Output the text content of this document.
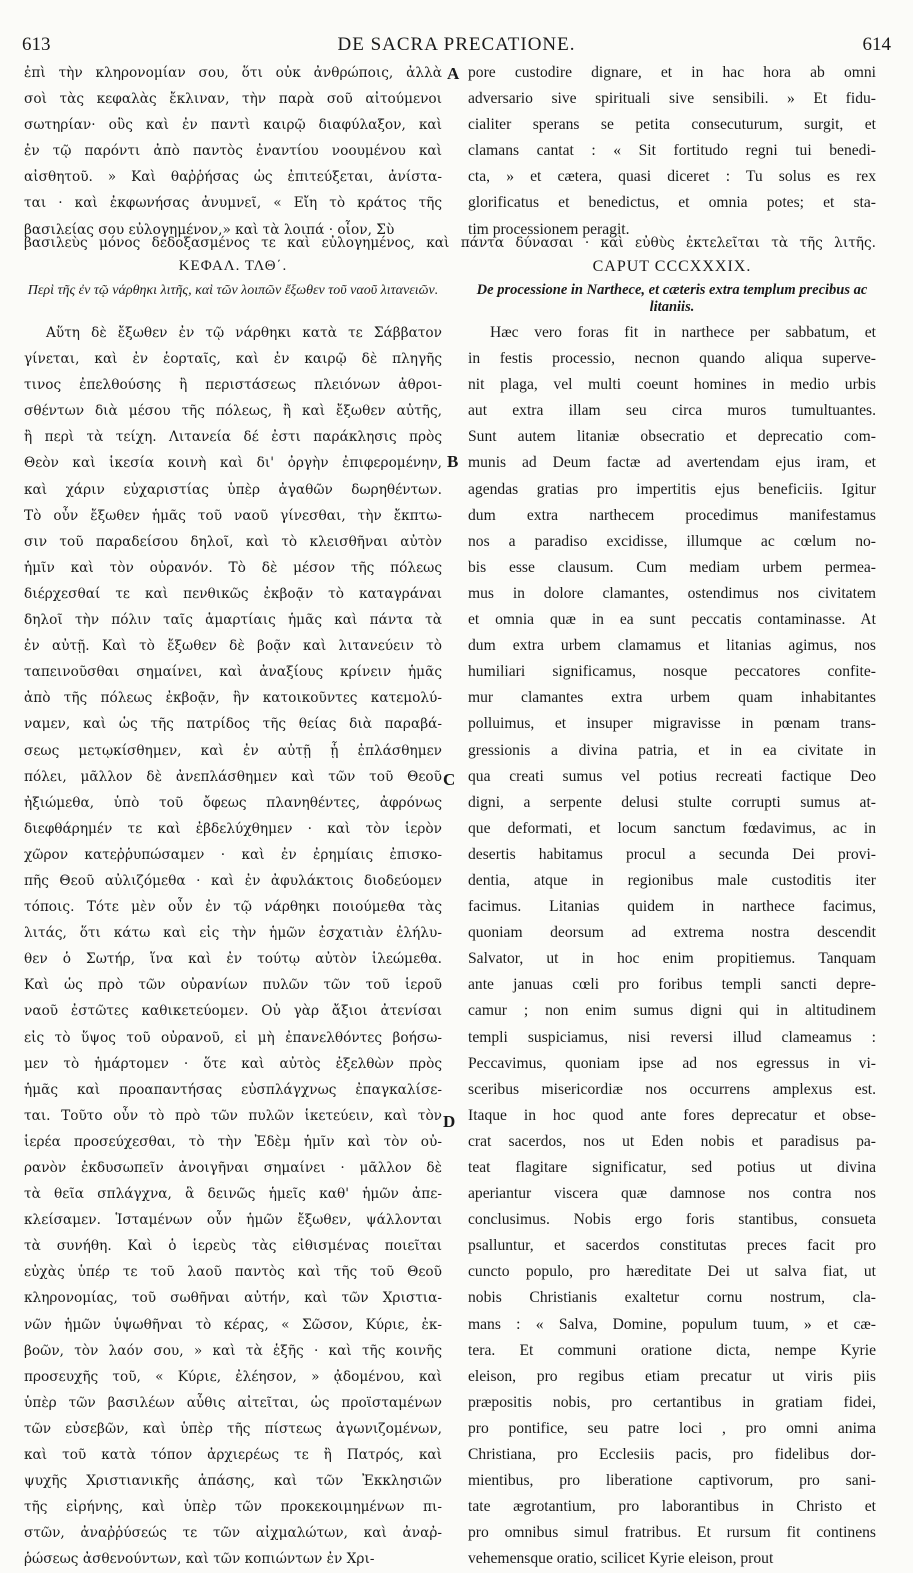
613	DE SACRA PRECATIONE.	614
ἐπὶ τὴν κληρονομίαν σου, ὅτι οὐκ ἀνθρώποις, ἀλλὰ
σοὶ τὰς κεφαλὰς ἔκλιναν, τὴν παρὰ σοῦ αἰτούμενοι
σωτηρίαν· οὓς καὶ ἐν παντὶ καιρῷ διαφύλαξον, καὶ
ἐν τῷ παρόντι ἀπὸ παντὸς ἐναντίου νοουμένου καὶ
αἰσθητοῦ. » Καὶ θαῤῥήσας ὡς ἐπιτεύξεται, ἀνίστα-
ται · καὶ ἐκφωνήσας ἀνυμνεῖ, « Εἴη τὸ κράτος τῆς
βασιλείας σου εὐλογημένον,» καὶ τὰ λοιπά · οἷον, Σὺ
pore custodire dignare, et in hac hora ab omni
adversario sive spirituali sive sensibili. » Et fidu-
cialiter sperans se petita consecuturum, surgit, et
clamans cantat : « Sit fortitudo regni tui benedi-
cta, » et cætera, quasi diceret : Tu solus es rex
glorificatus et benedictus, et omnia potes; et sta-
tim processionem peragit.
βασιλεὺς μόνος δεδοξασμένος τε καὶ εὐλογημένος, καὶ πάντα δύνασαι · καὶ εὐθὺς ἐκτελεῖται τὰ τῆς λιτῆς.
ΚΕΦΑΛ. ΤΛΘ΄.	CAPUT CCCXXXIX.
Περὶ τῆς ἐν τῷ νάρθηκι λιτῆς, καὶ τῶν λοιπῶν ἔξωθεν τοῦ ναοῦ λιτανειῶν.	De processione in Narthece, et cæteris extra templum precibus ac litaniis.
Αὕτη δὲ ἔξωθεν ἐν τῷ νάρθηκι κατὰ τε Σάββατον
γίνεται, καὶ ἐν ἑορταῖς, καὶ ἐν καιρῷ δὲ πληγῆς
τινος ἐπελθούσης ἢ περιστάσεως πλειόνων ἀθροι-
σθέντων διὰ μέσου τῆς πόλεως, ἢ καὶ ἔξωθεν αὐτῆς,
ἢ περὶ τὰ τείχη. Λιτανεία δέ ἐστι παράκλησις πρὸς
Θεὸν καὶ ἱκεσία κοινὴ καὶ δι' ὀργὴν ἐπιφερομένην,
καὶ χάριν εὐχαριστίας ὑπὲρ ἀγαθῶν δωρηθέντων.
Τὸ οὖν ἔξωθεν ἡμᾶς τοῦ ναοῦ γίνεσθαι, τὴν ἔκπτω-
σιν τοῦ παραδείσου δηλοῖ, καὶ τὸ κλεισθῆναι αὐτὸν
ἡμῖν καὶ τὸν οὐρανόν. Τὸ δὲ μέσον τῆς πόλεως
διέρχεσθαί τε καὶ πενθικῶς ἐκβοᾷν τὸ καταγράναι
δηλοῖ τὴν πόλιν ταῖς ἁμαρτίαις ἡμᾶς καὶ πάντα τὰ
ἐν αὐτῇ. Καὶ τὸ ἔξωθεν δὲ βοᾷν καὶ λιτανεύειν τὸ
ταπεινοῦσθαι σημαίνει, καὶ ἀναξίους κρίνειν ἡμᾶς
ἀπὸ τῆς πόλεως ἐκβοᾷν, ἣν κατοικοῦντες κατεμολύ-
ναμεν, καὶ ὡς τῆς πατρίδος τῆς θείας διὰ παραβά-
σεως μετῳκίσθημεν, καὶ ἐν αὐτῇ ᾗ ἐπλάσθημεν
πόλει, μᾶλλον δὲ ἀνεπλάσθημεν καὶ τῶν τοῦ Θεοῦ
ἠξιώμεθα, ὑπὸ τοῦ ὄφεως πλανηθέντες, ἀφρόνως
διεφθάρημέν τε καὶ ἐβδελύχθημεν · καὶ τὸν ἱερὸν
χῶρον κατεῤῥυπώσαμεν · καὶ ἐν ἐρημίαις ἐπισκο-
πῆς Θεοῦ αὐλιζόμεθα · καὶ ἐν ἀφυλάκτοις διοδεύομεν
τόποις. Τότε μὲν οὖν ἐν τῷ νάρθηκι ποιούμεθα τὰς
λιτάς, ὅτι κάτω καὶ εἰς τὴν ἡμῶν ἐσχατιὰν ἐλήλυ-
θεν ὁ Σωτήρ, ἵνα καὶ ἐν τούτῳ αὐτὸν ἱλεώμεθα.
Καὶ ὡς πρὸ τῶν οὐρανίων πυλῶν τῶν τοῦ ἱεροῦ
ναοῦ ἐστῶτες καθικετεύομεν. Οὐ γὰρ ἄξιοι ἀτενίσαι
εἰς τὸ ὕψος τοῦ οὐρανοῦ, εἰ μὴ ἐπανελθόντες βοήσω-
μεν τὸ ἡμάρτομεν · ὅτε καὶ αὐτὸς ἐξελθὼν πρὸς
ἡμᾶς καὶ προαπαντήσας εὐσπλάγχνως ἐπαγκαλίσε-
ται. Τοῦτο οὖν τὸ πρὸ τῶν πυλῶν ἱκετεύειν, καὶ τὸν
ἱερέα προσεύχεσθαι, τὸ τὴν Ἐδὲμ ἡμῖν καὶ τὸν οὐ-
ρανὸν ἐκδυσωπεῖν ἀνοιγῆναι σημαίνει · μᾶλλον δὲ
τὰ θεῖα σπλάγχνα, ἃ δεινῶς ἡμεῖς καθ' ἡμῶν ἀπε-
κλείσαμεν. Ἱσταμένων οὖν ἡμῶν ἔξωθεν, ψάλλονται
τὰ συνήθη. Καὶ ὁ ἱερεὺς τὰς εἰθισμένας ποιεῖται
εὐχὰς ὑπέρ τε τοῦ λαοῦ παντὸς καὶ τῆς τοῦ Θεοῦ
κληρονομίας, τοῦ σωθῆναι αὐτήν, καὶ τῶν Χριστια-
νῶν ἡμῶν ὑψωθῆναι τὸ κέρας, « Σῶσον, Κύριε, ἐκ-
βοῶν, τὸν λαόν σου, » καὶ τὰ ἑξῆς · καὶ τῆς κοινῆς
προσευχῆς τοῦ, « Κύριε, ἐλέησον, » ᾀδομένου, καὶ
ὑπὲρ τῶν βασιλέων αὖθις αἰτεῖται, ὡς προϊσταμένων
τῶν εὐσεβῶν, καὶ ὑπὲρ τῆς πίστεως ἀγωνιζομένων,
καὶ τοῦ κατὰ τόπον ἀρχιερέως τε ἢ Πατρός, καὶ
ψυχῆς Χριστιανικῆς ἁπάσης, καὶ τῶν Ἐκκλησιῶν
τῆς εἰρήνης, καὶ ὑπὲρ τῶν προκεκοιμημένων πι-
στῶν, ἀναῤῥύσεώς τε τῶν αἰχμαλώτων, καὶ ἀναῤ-
ῥώσεως ἀσθενούντων, καὶ τῶν κοπιώντων ἐν Χρι-
Hæc vero foras fit in narthece per sabbatum, et
in festis processio, necnon quando aliqua superve-
nit plaga, vel multi coeunt homines in medio urbis
aut extra illam seu circa muros tumultuantes.
Sunt autem litaniæ obsecratio et deprecatio com-
munis ad Deum factæ ad avertendam ejus iram, et
agendas gratias pro impertitis ejus beneficiis. Igitur
dum extra narthecem procedimus manifestamus
nos a paradiso excidisse, illumque ac cœlum no-
bis esse clausum. Cum mediam urbem permea-
mus in dolore clamantes, ostendimus nos civitatem
et omnia quæ in ea sunt peccatis contaminasse. At
dum extra urbem clamamus et litanias agimus, nos
humiliari significamus, nosque peccatores confite-
mur clamantes extra urbem quam inhabitantes
polluimus, et insuper migravisse in pœnam trans-
gressionis a divina patria, et in ea civitate in
qua creati sumus vel potius recreati factique Deo
digni, a serpente delusi stulte corrupti sumus at-
que deformati, et locum sanctum fœdavimus, ac in
desertis habitamus procul a secunda Dei provi-
dentia, atque in regionibus male custoditis iter
facimus. Litanias quidem in narthece facimus,
quoniam deorsum ad extrema nostra descendit
Salvator, ut in hoc enim propitiemus. Tanquam
ante januas cœli pro foribus templi sancti depre-
camur ; non enim sumus digni qui in altitudinem
templi suspiciamus, nisi reversi illud clameamus :
Peccavimus, quoniam ipse ad nos egressus in vi-
sceribus misericordiæ nos occurrens amplexus est.
Itaque in hoc quod ante fores deprecatur et obse-
crat sacerdos, nos ut Eden nobis et paradisus pa-
teat flagitare significatur, sed potius ut divina
aperiantur viscera quæ damnose nos contra nos
conclusimus. Nobis ergo foris stantibus, consueta
psalluntur, et sacerdos constitutas preces facit pro
cuncto populo, pro hæreditate Dei ut salva fiat, ut
nobis Christianis exaltetur cornu nostrum, cla-
mans : « Salva, Domine, populum tuum, » et cæ-
tera. Et communi oratione dicta, nempe Kyrie
eleison, pro regibus etiam precatur ut viris piis
præpositis nobis, pro certantibus in gratiam fidei,
pro pontifice, seu patre loci , pro omni anima
Christiana, pro Ecclesiis pacis, pro fidelibus dor-
mientibus, pro liberatione captivorum, pro sani-
tate ægrotantium, pro laborantibus in Christo et
pro omnibus simul fratribus. Et rursum fit continens
vehemensque oratio, scilicet Kyrie eleison, prout
A
B
C
D
